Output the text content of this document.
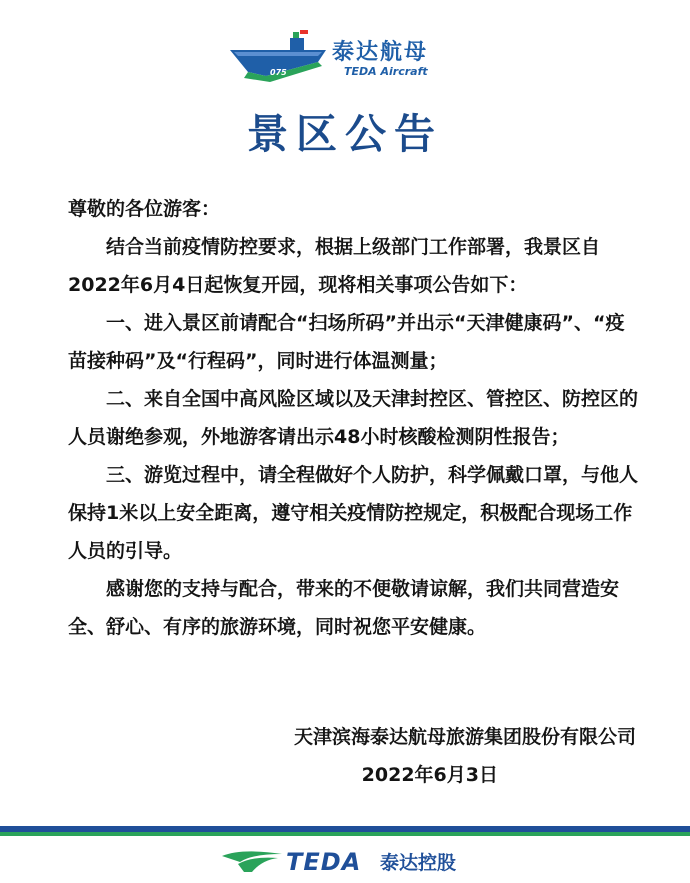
075
泰达航母
TEDA Aircraft
景区公告

尊敬的各位游客：

结合当前疫情防控要求，根据上级部门工作部署，我景区自2022年6月4日起恢复开园，现将相关事项公告如下：

一、进入景区前请配合“扫场所码”并出示“天津健康码”、“疫苗接种码”及“行程码”，同时进行体温测量；

二、来自全国中高风险区域以及天津封控区、管控区、防控区的人员谢绝参观，外地游客请出示48小时核酸检测阴性报告；

三、游览过程中，请全程做好个人防护，科学佩戴口罩，与他人保持1米以上安全距离，遵守相关疫情防控规定，积极配合现场工作人员的引导。

感谢您的支持与配合，带来的不便敬请谅解，我们共同营造安全、舒心、有序的旅游环境，同时祝您平安健康。

天津滨海泰达航母旅游集团股份有限公司
2022年6月3日
TEDA 泰达控股
